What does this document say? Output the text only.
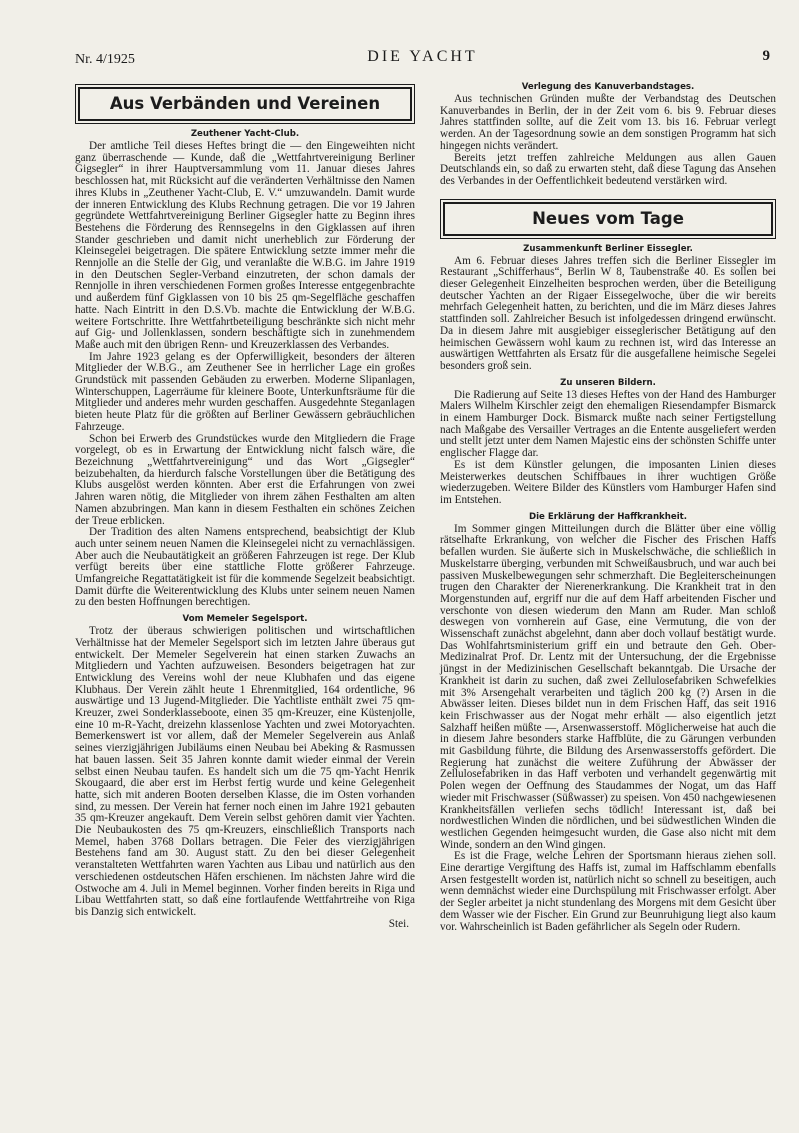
Nr. 4/1925	DIE YACHT	9
Aus Verbänden und Vereinen
Zeuthener Yacht-Club.

Der amtliche Teil dieses Heftes bringt die — den Eingeweihten nicht ganz überraschende — Kunde, daß die „Wettfahrtvereinigung Berliner Gigsegler“ in ihrer Hauptversammlung vom 11. Januar dieses Jahres beschlossen hat, mit Rücksicht auf die veränderten Verhältnisse den Namen ihres Klubs in „Zeuthener Yacht-Club, E. V.“ umzuwandeln. Damit wurde der inneren Entwicklung des Klubs Rechnung getragen. Die vor 19 Jahren gegründete Wettfahrtvereinigung Berliner Gigsegler hatte zu Beginn ihres Bestehens die Förderung des Rennsegelns in den Gigklassen auf ihren Stander geschrieben und damit nicht unerheblich zur Förderung der Kleinsegelei beigetragen. Die spätere Entwicklung setzte immer mehr die Rennjolle an die Stelle der Gig, und veranlaßte die W.B.G. im Jahre 1919 in den Deutschen Segler-Verband einzutreten, der schon damals der Rennjolle in ihren verschiedenen Formen großes Interesse entgegenbrachte und außerdem fünf Gigklassen von 10 bis 25 qm-Segelfläche geschaffen hatte. Nach Eintritt in den D.S.Vb. machte die Entwicklung der W.B.G. weitere Fortschritte. Ihre Wettfahrtbeteiligung beschränkte sich nicht mehr auf Gig- und Jollenklassen, sondern beschäftigte sich in zunehmendem Maße auch mit den übrigen Renn- und Kreuzerklassen des Verbandes.

Im Jahre 1923 gelang es der Opferwilligkeit, besonders der älteren Mitglieder der W.B.G., am Zeuthener See in herrlicher Lage ein großes Grundstück mit passenden Gebäuden zu erwerben. Moderne Slipanlagen, Winterschuppen, Lagerräume für kleinere Boote, Unterkunftsräume für die Mitglieder und anderes mehr wurden geschaffen. Ausgedehnte Steganlagen bieten heute Platz für die größten auf Berliner Gewässern gebräuchlichen Fahrzeuge.

Schon bei Erwerb des Grundstückes wurde den Mitgliedern die Frage vorgelegt, ob es in Erwartung der Entwicklung nicht falsch wäre, die Bezeichnung „Wettfahrtvereinigung“ und das Wort „Gigsegler“ beizubehalten, da hierdurch falsche Vorstellungen über die Betätigung des Klubs ausgelöst werden könnten. Aber erst die Erfahrungen von zwei Jahren waren nötig, die Mitglieder von ihrem zähen Festhalten am alten Namen abzubringen. Man kann in diesem Festhalten ein schönes Zeichen der Treue erblicken.

Der Tradition des alten Namens entsprechend, beabsichtigt der Klub auch unter seinem neuen Namen die Kleinsegelei nicht zu vernachlässigen. Aber auch die Neubautätigkeit an größeren Fahrzeugen ist rege. Der Klub verfügt bereits über eine stattliche Flotte größerer Fahrzeuge. Umfangreiche Regattatätigkeit ist für die kommende Segelzeit beabsichtigt. Damit dürfte die Weiterentwicklung des Klubs unter seinem neuen Namen zu den besten Hoffnungen berechtigen.

Vom Memeler Segelsport.

Trotz der überaus schwierigen politischen und wirtschaftlichen Verhältnisse hat der Memeler Segelsport sich im letzten Jahre überaus gut entwickelt. Der Memeler Segelverein hat einen starken Zuwachs an Mitgliedern und Yachten aufzuweisen. Besonders beigetragen hat zur Entwicklung des Vereins wohl der neue Klubhafen und das eigene Klubhaus. Der Verein zählt heute 1 Ehrenmitglied, 164 ordentliche, 96 auswärtige und 13 Jugend-Mitglieder. Die Yachtliste enthält zwei 75 qm-Kreuzer, zwei Sonderklasseboote, einen 35 qm-Kreuzer, eine Küstenjolle, eine 10 m-R-Yacht, dreizehn klassenlose Yachten und zwei Motoryachten. Bemerkenswert ist vor allem, daß der Memeler Segelverein aus Anlaß seines vierzigjährigen Jubiläums einen Neubau bei Abeking & Rasmussen hat bauen lassen. Seit 35 Jahren konnte damit wieder einmal der Verein selbst einen Neubau taufen. Es handelt sich um die 75 qm-Yacht Henrik Skougaard, die aber erst im Herbst fertig wurde und keine Gelegenheit hatte, sich mit anderen Booten derselben Klasse, die im Osten vorhanden sind, zu messen. Der Verein hat ferner noch einen im Jahre 1921 gebauten 35 qm-Kreuzer angekauft. Dem Verein selbst gehören damit vier Yachten. Die Neubaukosten des 75 qm-Kreuzers, einschließlich Transports nach Memel, haben 3768 Dollars betragen. Die Feier des vierzigjährigen Bestehens fand am 30. August statt. Zu den bei dieser Gelegenheit veranstalteten Wettfahrten waren Yachten aus Libau und natürlich aus den verschiedenen ostdeutschen Häfen erschienen. Im nächsten Jahre wird die Ostwoche am 4. Juli in Memel beginnen. Vorher finden bereits in Riga und Libau Wettfahrten statt, so daß eine fortlaufende Wettfahrtreihe von Riga bis Danzig sich entwickelt.

Stei.
Verlegung des Kanuverbandstages.

Aus technischen Gründen mußte der Verbandstag des Deutschen Kanuverbandes in Berlin, der in der Zeit vom 6. bis 9. Februar dieses Jahres stattfinden sollte, auf die Zeit vom 13. bis 16. Februar verlegt werden. An der Tagesordnung sowie an dem sonstigen Programm hat sich hingegen nichts verändert.

Bereits jetzt treffen zahlreiche Meldungen aus allen Gauen Deutschlands ein, so daß zu erwarten steht, daß diese Tagung das Ansehen des Verbandes in der Oeffentlichkeit bedeutend verstärken wird.

Neues vom Tage
Zusammenkunft Berliner Eissegler.

Am 6. Februar dieses Jahres treffen sich die Berliner Eissegler im Restaurant „Schifferhaus“, Berlin W 8, Taubenstraße 40. Es sollen bei dieser Gelegenheit Einzelheiten besprochen werden, über die Beteiligung deutscher Yachten an der Rigaer Eissegelwoche, über die wir bereits mehrfach Gelegenheit hatten, zu berichten, und die im März dieses Jahres stattfinden soll. Zahlreicher Besuch ist infolgedessen dringend erwünscht. Da in diesem Jahre mit ausgiebiger eisseglerischer Betätigung auf den heimischen Gewässern wohl kaum zu rechnen ist, wird das Interesse an auswärtigen Wettfahrten als Ersatz für die ausgefallene heimische Segelei besonders groß sein.

Zu unseren Bildern.

Die Radierung auf Seite 13 dieses Heftes von der Hand des Hamburger Malers Wilhelm Kirschler zeigt den ehemaligen Riesendampfer Bismarck in einem Hamburger Dock. Bismarck mußte nach seiner Fertigstellung nach Maßgabe des Versailler Vertrages an die Entente ausgeliefert werden und stellt jetzt unter dem Namen Majestic eins der schönsten Schiffe unter englischer Flagge dar.

Es ist dem Künstler gelungen, die imposanten Linien dieses Meisterwerkes deutschen Schiffbaues in ihrer wuchtigen Größe wiederzugeben. Weitere Bilder des Künstlers vom Hamburger Hafen sind im Entstehen.

Die Erklärung der Haffkrankheit.

Im Sommer gingen Mitteilungen durch die Blätter über eine völlig rätselhafte Erkrankung, von welcher die Fischer des Frischen Haffs befallen wurden. Sie äußerte sich in Muskelschwäche, die schließlich in Muskelstarre überging, verbunden mit Schweißausbruch, und war auch bei passiven Muskelbewegungen sehr schmerzhaft. Die Begleiterscheinungen trugen den Charakter der Nierenerkrankung. Die Krankheit trat in den Morgenstunden auf, ergriff nur die auf dem Haff arbeitenden Fischer und verschonte von diesen wiederum den Mann am Ruder. Man schloß deswegen von vornherein auf Gase, eine Vermutung, die von der Wissenschaft zunächst abgelehnt, dann aber doch vollauf bestätigt wurde. Das Wohlfahrtsministerium griff ein und betraute den Geh. Ober-Medizinalrat Prof. Dr. Lentz mit der Untersuchung, der die Ergebnisse jüngst in der Medizinischen Gesellschaft bekanntgab. Die Ursache der Krankheit ist darin zu suchen, daß zwei Zellulosefabriken Schwefelkies mit 3% Arsengehalt verarbeiten und täglich 200 kg (?) Arsen in die Abwässer leiten. Dieses bildet nun in dem Frischen Haff, das seit 1916 kein Frischwasser aus der Nogat mehr erhält — also eigentlich jetzt Salzhaff heißen müßte —, Arsenwasserstoff. Möglicherweise hat auch die in diesem Jahre besonders starke Haffblüte, die zu Gärungen verbunden mit Gasbildung führte, die Bildung des Arsenwasserstoffs gefördert. Die Regierung hat zunächst die weitere Zuführung der Abwässer der Zellulosefabriken in das Haff verboten und verhandelt gegenwärtig mit Polen wegen der Oeffnung des Staudammes der Nogat, um das Haff wieder mit Frischwasser (Süßwasser) zu speisen. Von 450 nachgewiesenen Krankheitsfällen verliefen sechs tödlich! Interessant ist, daß bei nordwestlichen Winden die nördlichen, und bei südwestlichen Winden die westlichen Gegenden heimgesucht wurden, die Gase also nicht mit dem Winde, sondern an den Wind gingen.

Es ist die Frage, welche Lehren der Sportsmann hieraus ziehen soll. Eine derartige Vergiftung des Haffs ist, zumal im Haffschlamm ebenfalls Arsen festgestellt worden ist, natürlich nicht so schnell zu beseitigen, auch wenn demnächst wieder eine Durchspülung mit Frischwasser erfolgt. Aber der Segler arbeitet ja nicht stundenlang des Morgens mit dem Gesicht über dem Wasser wie der Fischer. Ein Grund zur Beunruhigung liegt also kaum vor. Wahrscheinlich ist Baden gefährlicher als Segeln oder Rudern.
